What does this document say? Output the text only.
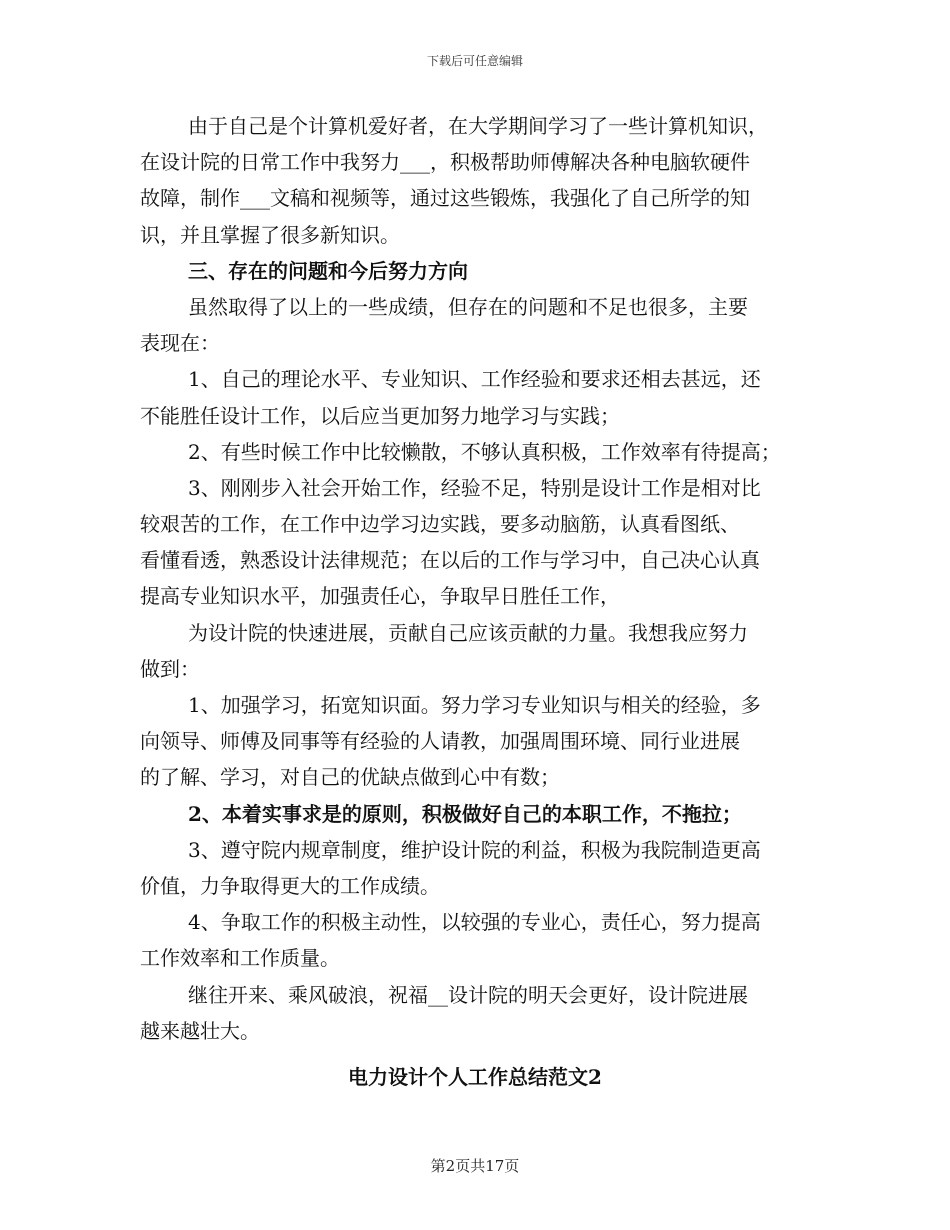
下载后可任意编辑
由于自己是个计算机爱好者，在大学期间学习了一些计算机知识，
在设计院的日常工作中我努力___，积极帮助师傅解决各种电脑软硬件
故障，制作___文稿和视频等，通过这些锻炼，我强化了自己所学的知
识，并且掌握了很多新知识。
三、存在的问题和今后努力方向
虽然取得了以上的一些成绩，但存在的问题和不足也很多，主要
表现在：
1、自己的理论水平、专业知识、工作经验和要求还相去甚远，还
不能胜任设计工作，以后应当更加努力地学习与实践；
2、有些时候工作中比较懒散，不够认真积极，工作效率有待提高；
3、刚刚步入社会开始工作，经验不足，特别是设计工作是相对比
较艰苦的工作，在工作中边学习边实践，要多动脑筋，认真看图纸、
看懂看透，熟悉设计法律规范；在以后的工作与学习中，自己决心认真
提高专业知识水平，加强责任心，争取早日胜任工作，
为设计院的快速进展，贡献自己应该贡献的力量。我想我应努力
做到：
1、加强学习，拓宽知识面。努力学习专业知识与相关的经验，多
向领导、师傅及同事等有经验的人请教，加强周围环境、同行业进展
的了解、学习，对自己的优缺点做到心中有数；
2、本着实事求是的原则，积极做好自己的本职工作，不拖拉；
3、遵守院内规章制度，维护设计院的利益，积极为我院制造更高
价值，力争取得更大的工作成绩。
4、争取工作的积极主动性，以较强的专业心，责任心，努力提高
工作效率和工作质量。
继往开来、乘风破浪，祝福__设计院的明天会更好，设计院进展
越来越壮大。
电力设计个人工作总结范文2
第2页共17页
